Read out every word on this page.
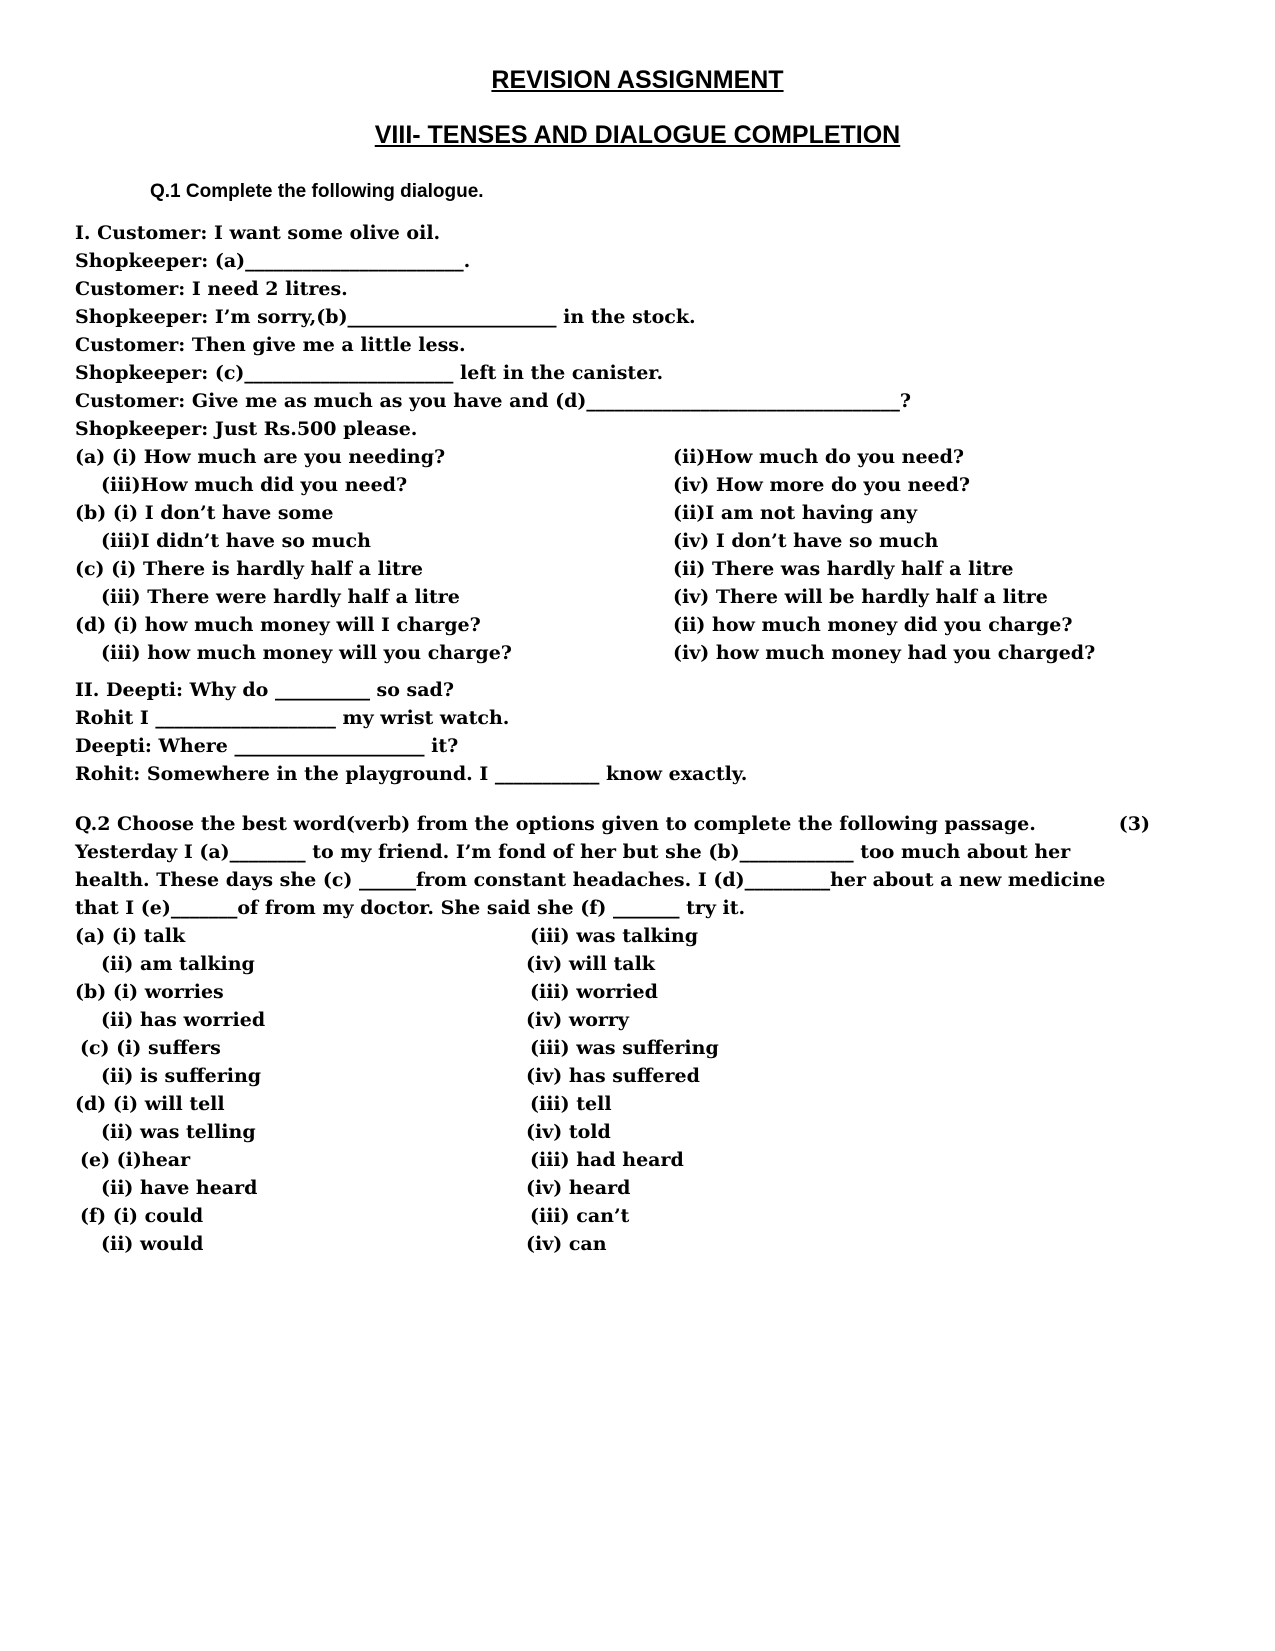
REVISION ASSIGNMENT
VIII- TENSES AND DIALOGUE COMPLETION
Q.1 Complete the following dialogue.
I. Customer: I want some olive oil.
Shopkeeper: (a)_______________________.
Customer: I need 2 litres.
Shopkeeper: I’m sorry,(b)______________________ in the stock.
Customer: Then give me a little less.
Shopkeeper: (c)______________________ left in the canister.
Customer: Give me as much as you have and (d)_________________________________?
Shopkeeper: Just Rs.500 please.
(a) (i) How much are you needing?	(ii)How much do you need?
(iii)How much did you need?	(iv) How more do you need?
(b) (i) I don’t have some	(ii)I am not having any
(iii)I didn’t have so much	(iv) I don’t have so much
(c) (i) There is hardly half a litre	(ii) There was hardly half a litre
(iii) There were hardly half a litre	(iv) There will be hardly half a litre
(d) (i) how much money will I charge?	(ii) how much money did you charge?
(iii) how much money will you charge?	(iv) how much money had you charged?
II. Deepti: Why do __________ so sad?
Rohit I ___________________ my wrist watch.
Deepti: Where ____________________ it?
Rohit: Somewhere in the playground. I ___________ know exactly.
Q.2 Choose the best word(verb) from the options given to complete the following passage.	(3)
Yesterday I (a)________ to my friend. I’m fond of her but she (b)____________ too much about her
health. These days she (c) ______from constant headaches. I (d)_________her about a new medicine
that I (e)_______of from my doctor. She said she (f) _______ try it.
(a) (i) talk	(iii) was talking
(ii) am talking	(iv) will talk
(b) (i) worries	(iii) worried
(ii) has worried	(iv) worry
(c) (i) suffers	(iii) was suffering
(ii) is suffering	(iv) has suffered
(d) (i) will tell	(iii) tell
(ii) was telling	(iv) told
(e) (i)hear	(iii) had heard
(ii) have heard	(iv) heard
(f) (i) could	(iii) can’t
(ii) would	(iv) can
